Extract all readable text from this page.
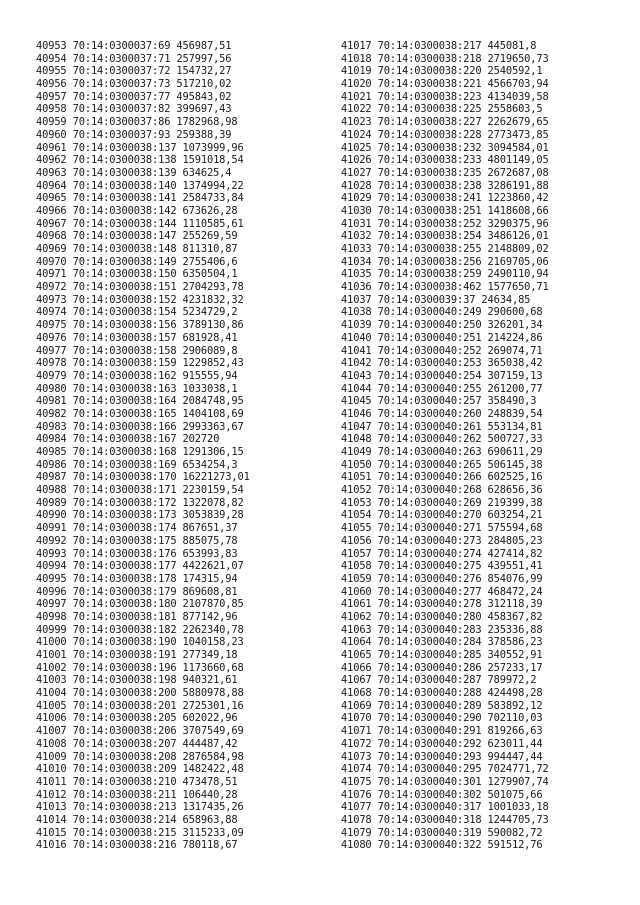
40953 70:14:0300037:69 456987,51
40954 70:14:0300037:71 257997,56
40955 70:14:0300037:72 154732,27
40956 70:14:0300037:73 517210,02
40957 70:14:0300037:77 495843,02
40958 70:14:0300037:82 399697,43
40959 70:14:0300037:86 1782968,98
40960 70:14:0300037:93 259388,39
40961 70:14:0300038:137 1073999,96
40962 70:14:0300038:138 1591018,54
40963 70:14:0300038:139 634625,4
40964 70:14:0300038:140 1374994,22
40965 70:14:0300038:141 2584733,84
40966 70:14:0300038:142 673626,28
40967 70:14:0300038:144 1110585,61
40968 70:14:0300038:147 255269,59
40969 70:14:0300038:148 811310,87
40970 70:14:0300038:149 2755406,6
40971 70:14:0300038:150 6350504,1
40972 70:14:0300038:151 2704293,78
40973 70:14:0300038:152 4231832,32
40974 70:14:0300038:154 5234729,2
40975 70:14:0300038:156 3789130,86
40976 70:14:0300038:157 681928,41
40977 70:14:0300038:158 2906089,8
40978 70:14:0300038:159 1229852,43
40979 70:14:0300038:162 915555,94
40980 70:14:0300038:163 1033038,1
40981 70:14:0300038:164 2084748,95
40982 70:14:0300038:165 1404108,69
40983 70:14:0300038:166 2993363,67
40984 70:14:0300038:167 202720
40985 70:14:0300038:168 1291306,15
40986 70:14:0300038:169 6534254,3
40987 70:14:0300038:170 16221273,01
40988 70:14:0300038:171 2230159,54
40989 70:14:0300038:172 1322078,82
40990 70:14:0300038:173 3053839,28
40991 70:14:0300038:174 867651,37
40992 70:14:0300038:175 885075,78
40993 70:14:0300038:176 653993,83
40994 70:14:0300038:177 4422621,07
40995 70:14:0300038:178 174315,94
40996 70:14:0300038:179 869608,81
40997 70:14:0300038:180 2107870,85
40998 70:14:0300038:181 877142,96
40999 70:14:0300038:182 2262340,78
41000 70:14:0300038:190 1040158,23
41001 70:14:0300038:191 277349,18
41002 70:14:0300038:196 1173660,68
41003 70:14:0300038:198 940321,61
41004 70:14:0300038:200 5880978,88
41005 70:14:0300038:201 2725301,16
41006 70:14:0300038:205 602022,96
41007 70:14:0300038:206 3707549,69
41008 70:14:0300038:207 444487,42
41009 70:14:0300038:208 2876584,98
41010 70:14:0300038:209 1482422,48
41011 70:14:0300038:210 473478,51
41012 70:14:0300038:211 106440,28
41013 70:14:0300038:213 1317435,26
41014 70:14:0300038:214 658963,88
41015 70:14:0300038:215 3115233,09
41016 70:14:0300038:216 780118,67
41017 70:14:0300038:217 445081,8
41018 70:14:0300038:218 2719650,73
41019 70:14:0300038:220 2540592,1
41020 70:14:0300038:221 4566703,94
41021 70:14:0300038:223 4134039,58
41022 70:14:0300038:225 2558603,5
41023 70:14:0300038:227 2262679,65
41024 70:14:0300038:228 2773473,85
41025 70:14:0300038:232 3094584,01
41026 70:14:0300038:233 4801149,05
41027 70:14:0300038:235 2672687,08
41028 70:14:0300038:238 3286191,88
41029 70:14:0300038:241 1223860,42
41030 70:14:0300038:251 1418608,66
41031 70:14:0300038:252 3290375,96
41032 70:14:0300038:254 3486126,01
41033 70:14:0300038:255 2148809,02
41034 70:14:0300038:256 2169705,06
41035 70:14:0300038:259 2490110,94
41036 70:14:0300038:462 1577650,71
41037 70:14:0300039:37 24634,85
41038 70:14:0300040:249 290600,68
41039 70:14:0300040:250 326201,34
41040 70:14:0300040:251 214224,86
41041 70:14:0300040:252 269074,71
41042 70:14:0300040:253 365038,42
41043 70:14:0300040:254 307159,13
41044 70:14:0300040:255 261200,77
41045 70:14:0300040:257 358490,3
41046 70:14:0300040:260 248839,54
41047 70:14:0300040:261 553134,81
41048 70:14:0300040:262 500727,33
41049 70:14:0300040:263 690611,29
41050 70:14:0300040:265 506145,38
41051 70:14:0300040:266 602525,16
41052 70:14:0300040:268 628656,36
41053 70:14:0300040:269 219399,38
41054 70:14:0300040:270 603254,21
41055 70:14:0300040:271 575594,68
41056 70:14:0300040:273 284805,23
41057 70:14:0300040:274 427414,82
41058 70:14:0300040:275 439551,41
41059 70:14:0300040:276 854076,99
41060 70:14:0300040:277 468472,24
41061 70:14:0300040:278 312118,39
41062 70:14:0300040:280 458367,82
41063 70:14:0300040:283 235336,88
41064 70:14:0300040:284 378586,23
41065 70:14:0300040:285 340552,91
41066 70:14:0300040:286 257233,17
41067 70:14:0300040:287 789972,2
41068 70:14:0300040:288 424498,28
41069 70:14:0300040:289 583892,12
41070 70:14:0300040:290 702110,03
41071 70:14:0300040:291 819266,63
41072 70:14:0300040:292 623011,44
41073 70:14:0300040:293 994447,44
41074 70:14:0300040:295 7024771,72
41075 70:14:0300040:301 1279907,74
41076 70:14:0300040:302 501075,66
41077 70:14:0300040:317 1001033,18
41078 70:14:0300040:318 1244705,73
41079 70:14:0300040:319 590082,72
41080 70:14:0300040:322 591512,76
